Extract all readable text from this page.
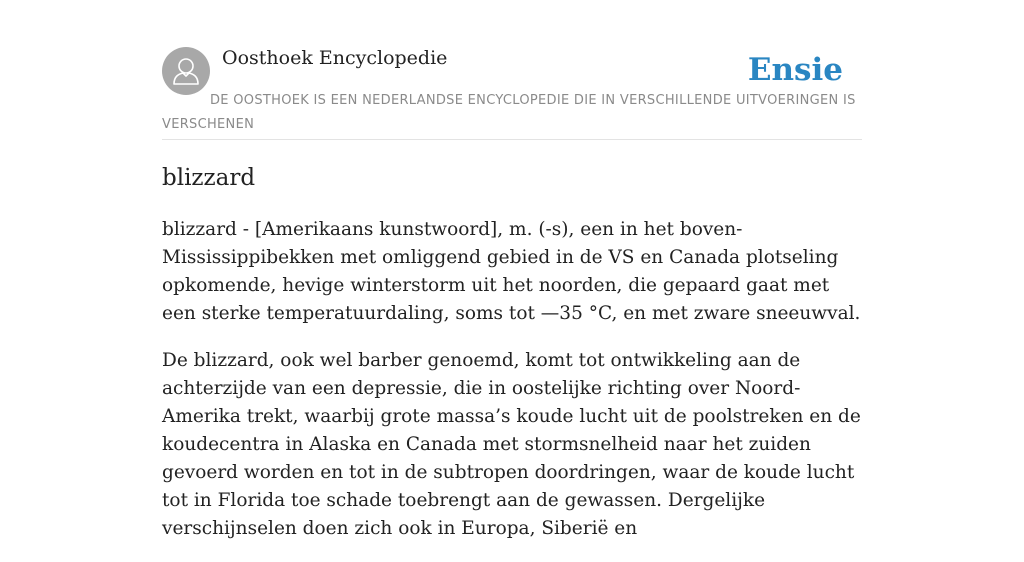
Oosthoek Encyclopedie	Ensie
DE OOSTHOEK IS EEN NEDERLANDSE ENCYCLOPEDIE DIE IN VERSCHILLENDE UITVOERINGEN IS VERSCHENEN
blizzard

blizzard - [Amerikaans kunstwoord], m. (-s), een in het boven-Mississippibekken met omliggend gebied in de VS en Canada plotseling opkomende, hevige winterstorm uit het noorden, die gepaard gaat met een sterke temperatuurdaling, soms tot —35 °C, en met zware sneeuwval.

De blizzard, ook wel barber genoemd, komt tot ontwikkeling aan de achterzijde van een depressie, die in oostelijke richting over Noord-Amerika trekt, waarbij grote massa’s koude lucht uit de poolstreken en de koudecentra in Alaska en Canada met stormsnelheid naar het zuiden gevoerd worden en tot in de subtropen doordringen, waar de koude lucht tot in Florida toe schade toebrengt aan de gewassen. Dergelijke verschijnselen doen zich ook in Europa, Siberië en
